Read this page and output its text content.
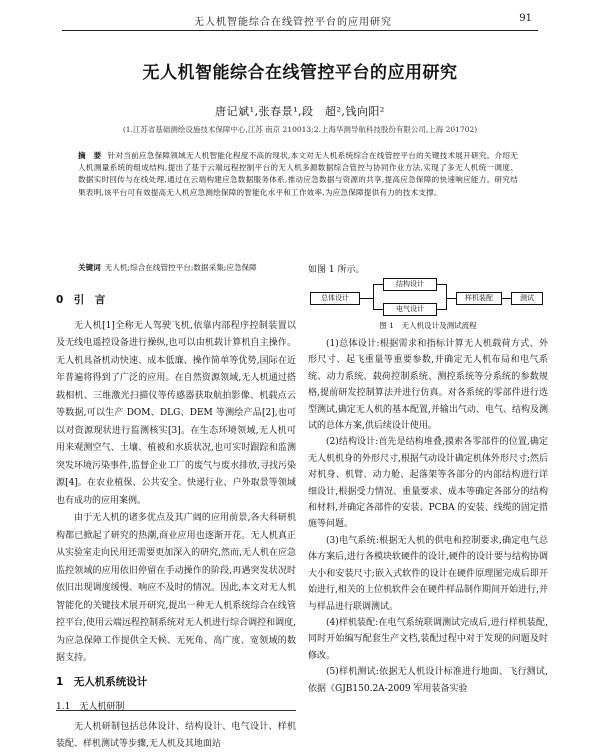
无人机智能综合在线管控平台的应用研究	91
无人机智能综合在线管控平台的应用研究
唐记斌¹,张春景¹,段　超²,钱向阳²
(1.江苏省基础测绘设施技术保障中心,江苏 南京 210013;2.上海华测导航科技股份有限公司,上海 201702)
摘　要 针对当前应急保障领域无人机智能化程度不高的现状,本文对无人机系统综合在线管控平台的关键技术展开研究。介绍无人机测量系统的组成结构,提出了基于云端远程控制平台的无人机多源数据综合管控与协同作业方法,实现了多无人机统一调度、数据实时回传与在线处理,通过在云端构建应急数据服务体系,推动应急数据与资源的共享,提高应急保障的快速响应能力。研究结果表明,该平台可有效提高无人机应急测绘保障的智能化水平和工作效率,为应急保障提供有力的技术支撑。
关键词 无人机;综合在线管控平台;数据采集;应急保障
0　引　言

无人机[1]全称无人驾驶飞机,依靠内部程序控制装置以及无线电遥控设备进行操纵,也可以由机载计算机自主操作。无人机具备机动快速、成本低廉、操作简单等优势,国际在近年普遍将得到了广泛的应用。在自然资源领域,无人机通过搭载相机、三维激光扫描仪等传感器获取航拍影像、机载点云等数据,可以生产 DOM、DLG、DEM 等测绘产品[2],也可以对资源现状进行监测核实[3]。在生态环境领域,无人机可用来观测空气、土壤、植被和水质状况,也可实时跟踪和监测突发环境污染事件,监督企业工厂的废气与废水排放,寻找污染源[4]。在农业植保、公共安全、快递行业、户外取景等领域也有成功的应用案例。

由于无人机的诸多优点及其广阔的应用前景,各大科研机构都已掀起了研究的热潮,商业应用也逐渐开花。无人机真正从实验室走向民用还需要更加深入的研究,然而,无人机在应急监控领域的应用依旧停留在手动操作的阶段,再遇突发状况时依旧出现调度缓慢、响应不及时的情况。因此,本文对无人机智能化的关键技术展开研究,提出一种无人机系统综合在线管控平台,使用云端远程控制系统对无人机进行综合调控和调度,为应急保障工作提供全天候、无死角、高广度、宽领域的数据支持。

1　无人机系统设计
1.1　无人机研制

无人机研制包括总体设计、结构设计、电气设计、样机装配、样机测试等步骤,无人机及其地面站

如图 1 所示。
总体设计
结构设计
电气设计
样机装配	测试
图 1　无人机设计及测试流程

(1)总体设计:根据需求和指标计算无人机载荷方式、外形尺寸、起飞重量等重要参数,并确定无人机布局和电气系统、动力系统、载荷控制系统、测控系统等分系统的参数规格,提前研发控制算法并进行仿真。对各系统的零部件进行选型测试,确定无人机的基本配置,并输出气动、电气、结构及测试的总体方案,供后续设计使用。

(2)结构设计:首先是结构堆叠,摸索各零部件的位置,确定无人机机身的外形尺寸,根据气动设计确定机体外形尺寸;然后对机身、机臂、动力舱、起落架等各部分的内部结构进行详细设计,根据受力情况、重量要求、成本等确定各部分的结构和材料,并确定各部件的安装、PCBA 的安装、线缆的固定措施等问题。

(3)电气系统:根据无人机的供电和控制要求,确定电气总体方案后,进行各模块软硬件的设计,硬件的设计要与结构协调大小和安装尺寸;嵌入式软件的设计在硬件原理图完成后即开始进行,相关的上位机软件会在硬件样品制作期间开始进行,并与样品进行联调测试。

(4)样机装配:在电气系统联调测试完成后,进行样机装配,同时开始编写配套生产文档,装配过程中对于发现的问题及时修改。

(5)样机测试:依据无人机设计标准进行地面、飞行测试,依据《GJB150.2A-2009 军用装备实验
